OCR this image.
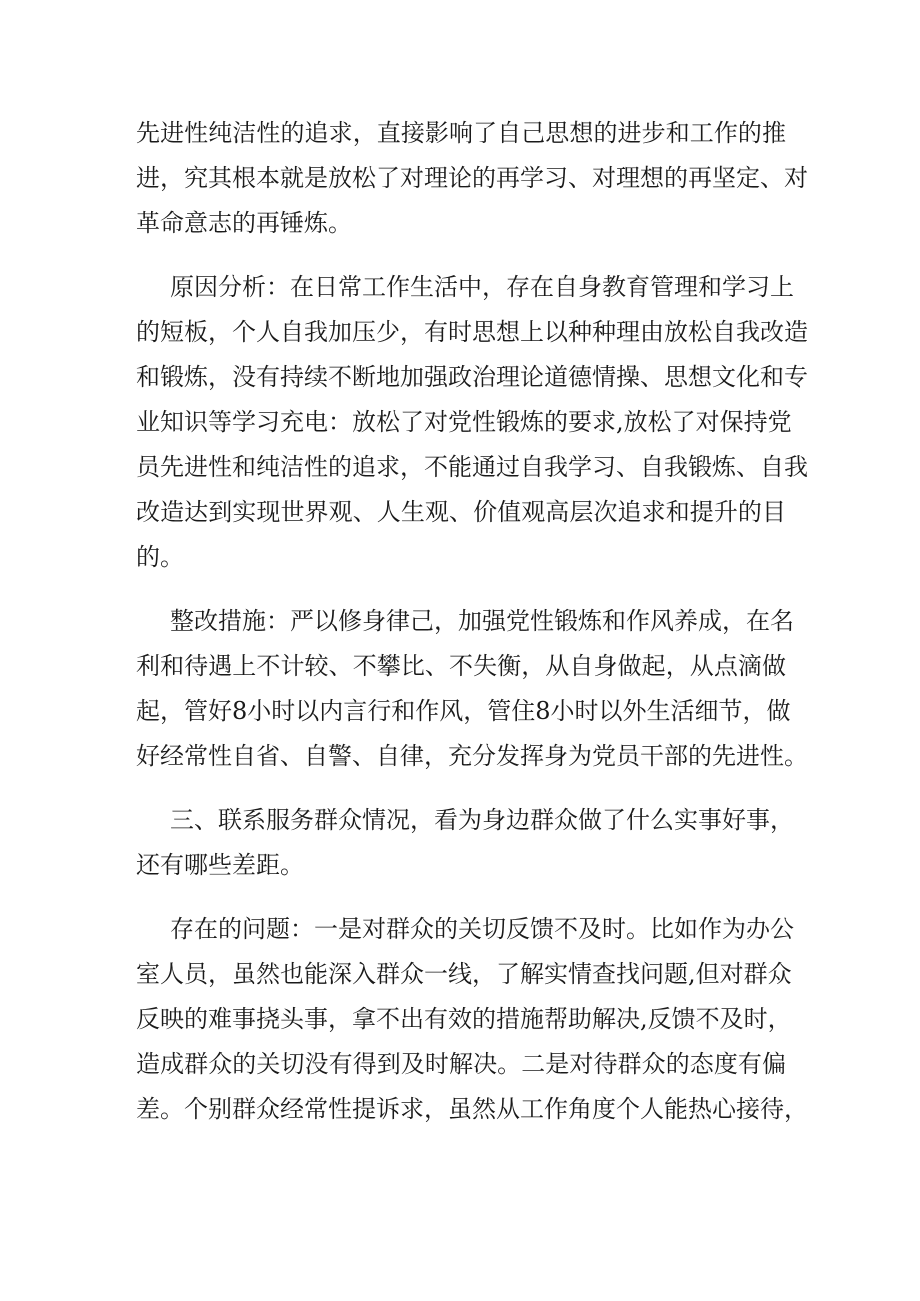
先进性纯洁性的追求，直接影响了自己思想的进步和工作的推
进，究其根本就是放松了对理论的再学习、对理想的再坚定、对
革命意志的再锤炼。

原因分析：在日常工作生活中，存在自身教育管理和学习上
的短板，个人自我加压少，有时思想上以种种理由放松自我改造
和锻炼，没有持续不断地加强政治理论道德情操、思想文化和专
业知识等学习充电：放松了对党性锻炼的要求,放松了对保持党
员先进性和纯洁性的追求，不能通过自我学习、自我锻炼、自我
改造达到实现世界观、人生观、价值观高层次追求和提升的目
的。

整改措施：严以修身律己，加强党性锻炼和作风养成，在名
利和待遇上不计较、不攀比、不失衡，从自身做起，从点滴做
起，管好8小时以内言行和作风，管住8小时以外生活细节，做
好经常性自省、自警、自律，充分发挥身为党员干部的先进性。

三、联系服务群众情况，看为身边群众做了什么实事好事，
还有哪些差距。

存在的问题：一是对群众的关切反馈不及时。比如作为办公
室人员，虽然也能深入群众一线，了解实情查找问题,但对群众
反映的难事挠头事，拿不出有效的措施帮助解决,反馈不及时，
造成群众的关切没有得到及时解决。二是对待群众的态度有偏
差。个别群众经常性提诉求，虽然从工作角度个人能热心接待，
